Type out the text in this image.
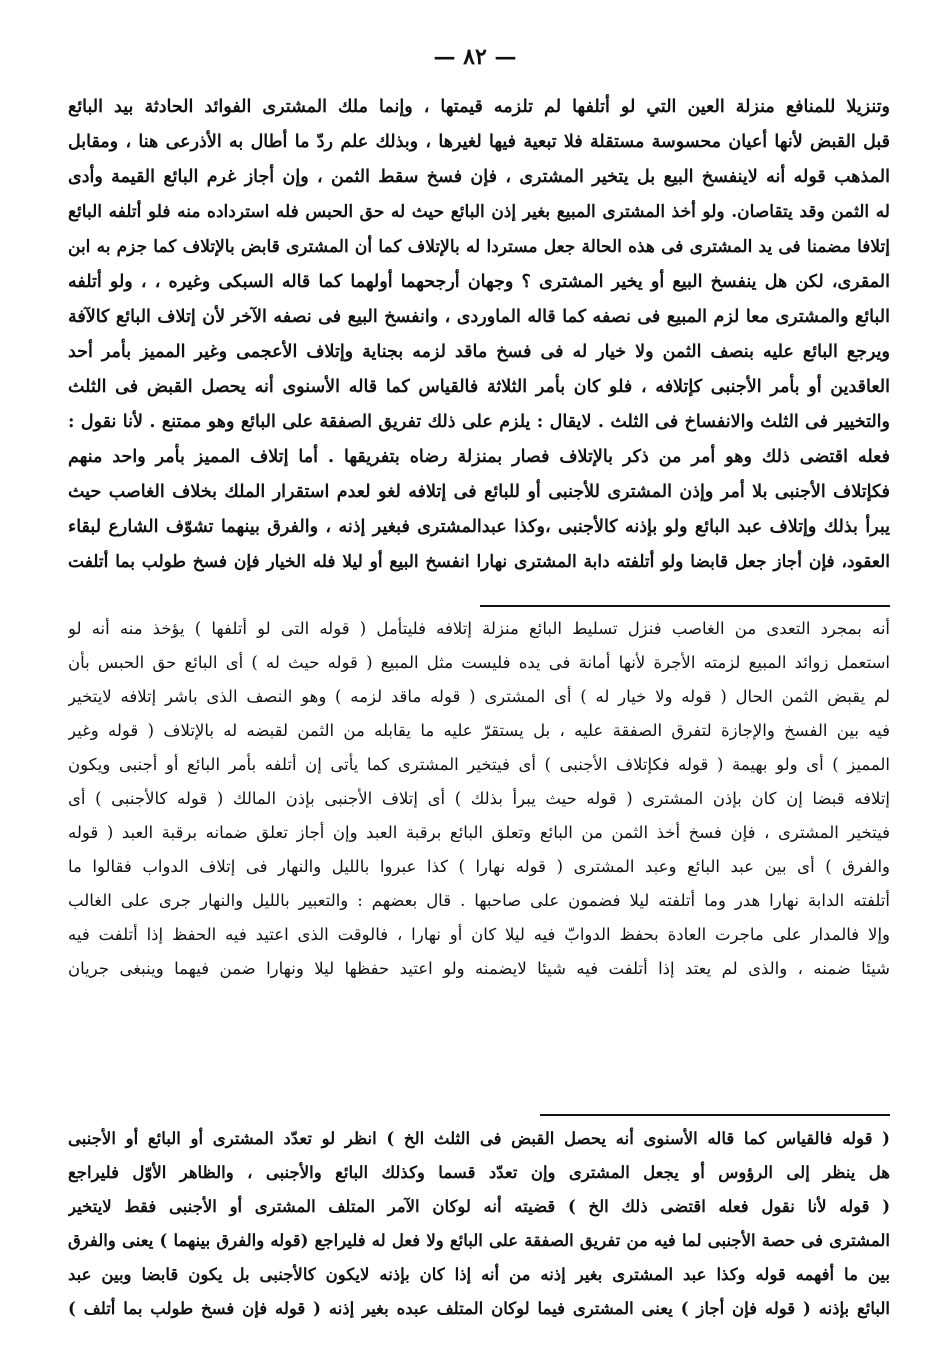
— ٨٢ —
وتنزيلا للمنافع منزلة العين التي لو أتلفها لم تلزمه قيمتها ، وإنما ملك المشترى الفوائد الحادثة بيد البائع
قبل القبض لأنها أعيان محسوسة مستقلة فلا تبعية فيها لغيرها ، وبذلك علم ردّ ما أطال به الأذرعى هنا ، ومقابل
المذهب قوله أنه لاينفسخ البيع بل يتخير المشترى ، فإن فسخ سقط الثمن ، وإن أجاز غرم البائع القيمة وأدى
له الثمن وقد يتقاصان. ولو أخذ المشترى المبيع بغير إذن البائع حيث له حق الحبس فله استرداده منه فلو أتلفه البائع
إتلافا مضمنا فى يد المشترى فى هذه الحالة جعل مستردا له بالإتلاف كما أن المشترى قابض بالإتلاف كما جزم به ابن
المقرى، لكن هل ينفسخ البيع أو يخير المشترى ؟ وجهان أرجحهما أولهما كما قاله السبكى وغيره ، ، ولو أتلفه
البائع والمشترى معا لزم المبيع فى نصفه كما قاله الماوردى ، وانفسخ البيع فى نصفه الآخر لأن إتلاف البائع كالآفة
ويرجع البائع عليه بنصف الثمن ولا خيار له فى فسخ ماقد لزمه بجناية وإتلاف الأعجمى وغير المميز بأمر أحد
العاقدين أو بأمر الأجنبى كإتلافه ، فلو كان بأمر الثلاثة فالقياس كما قاله الأسنوى أنه يحصل القبض فى الثلث
والتخيير فى الثلث والانفساخ فى الثلث . لايقال : يلزم على ذلك تفريق الصفقة على البائع وهو ممتنع . لأنا نقول :
فعله اقتضى ذلك وهو أمر من ذكر بالإتلاف فصار بمنزلة رضاه بتفريقها . أما إتلاف المميز بأمر واحد منهم
فكإتلاف الأجنبى بلا أمر وإذن المشترى للأجنبى أو للبائع فى إتلافه لغو لعدم استقرار الملك بخلاف الغاصب حيث
يبرأ بذلك وإتلاف عبد البائع ولو بإذنه كالأجنبى ،وكذا عبدالمشترى فبغير إذنه ، والفرق بينهما تشوّف الشارع لبقاء
العقود، فإن أجاز جعل قابضا ولو أتلفته دابة المشترى نهارا انفسخ البيع أو ليلا فله الخيار فإن فسخ طولب بما أتلفت
أنه بمجرد التعدى من الغاصب فنزل تسليط البائع منزلة إتلافه فليتأمل ( قوله التى لو أتلفها ) يؤخذ منه أنه لو
استعمل زوائد المبيع لزمته الأجرة لأنها أمانة فى يده فليست مثل المبيع ( قوله حيث له ) أى البائع حق الحبس بأن
لم يقبض الثمن الحال ( قوله ولا خيار له ) أى المشترى ( قوله ماقد لزمه ) وهو النصف الذى باشر إتلافه لايتخير
فيه بين الفسخ والإجازة لتفرق الصفقة عليه ، بل يستقرّ عليه ما يقابله من الثمن لقبضه له بالإتلاف ( قوله وغير
المميز ) أى ولو بهيمة ( قوله فكإتلاف الأجنبى ) أى فيتخير المشترى كما يأتى إن أتلفه بأمر البائع أو أجنبى ويكون
إتلافه قبضا إن كان بإذن المشترى ( قوله حيث يبرأ بذلك ) أى إتلاف الأجنبى بإذن المالك ( قوله كالأجنبى ) أى
فيتخير المشترى ، فإن فسخ أخذ الثمن من البائع وتعلق البائع برقبة العبد وإن أجاز تعلق ضمانه برقبة العبد ( قوله
والفرق ) أى بين عبد البائع وعبد المشترى ( قوله نهارا ) كذا عبروا بالليل والنهار فى إتلاف الدواب فقالوا ما
أتلفته الدابة نهارا هدر وما أتلفته ليلا فضمون على صاحبها . قال بعضهم : والتعبير بالليل والنهار جرى على الغالب
وإلا فالمدار على ماجرت العادة بحفظ الدوابّ فيه ليلا كان أو نهارا ، فالوقت الذى اعتيد فيه الحفظ إذا أتلفت فيه
شيئا ضمنه ، والذى لم يعتد إذا أتلفت فيه شيئا لايضمنه ولو اعتيد حفظها ليلا ونهارا ضمن فيهما وينبغى جريان
( قوله فالقياس كما قاله الأسنوى أنه يحصل القبض فى الثلث الخ ) انظر لو تعدّد المشترى أو البائع أو الأجنبى
هل ينظر إلى الرؤوس أو يجعل المشترى وإن تعدّد قسما وكذلك البائع والأجنبى ، والظاهر الأوّل فليراجع
( قوله لأنا نقول فعله اقتضى ذلك الخ ) قضيته أنه لوكان الآمر المتلف المشترى أو الأجنبى فقط لايتخير
المشترى فى حصة الأجنبى لما فيه من تفريق الصفقة على البائع ولا فعل له فليراجع (قوله والفرق بينهما ) يعنى والفرق
بين ما أفهمه قوله وكذا عبد المشترى بغير إذنه من أنه إذا كان بإذنه لايكون كالأجنبى بل يكون قابضا وبين عبد
البائع بإذنه ( قوله فإن أجاز ) يعنى المشترى فيما لوكان المتلف عبده بغير إذنه ( قوله فإن فسخ طولب بما أتلف )
